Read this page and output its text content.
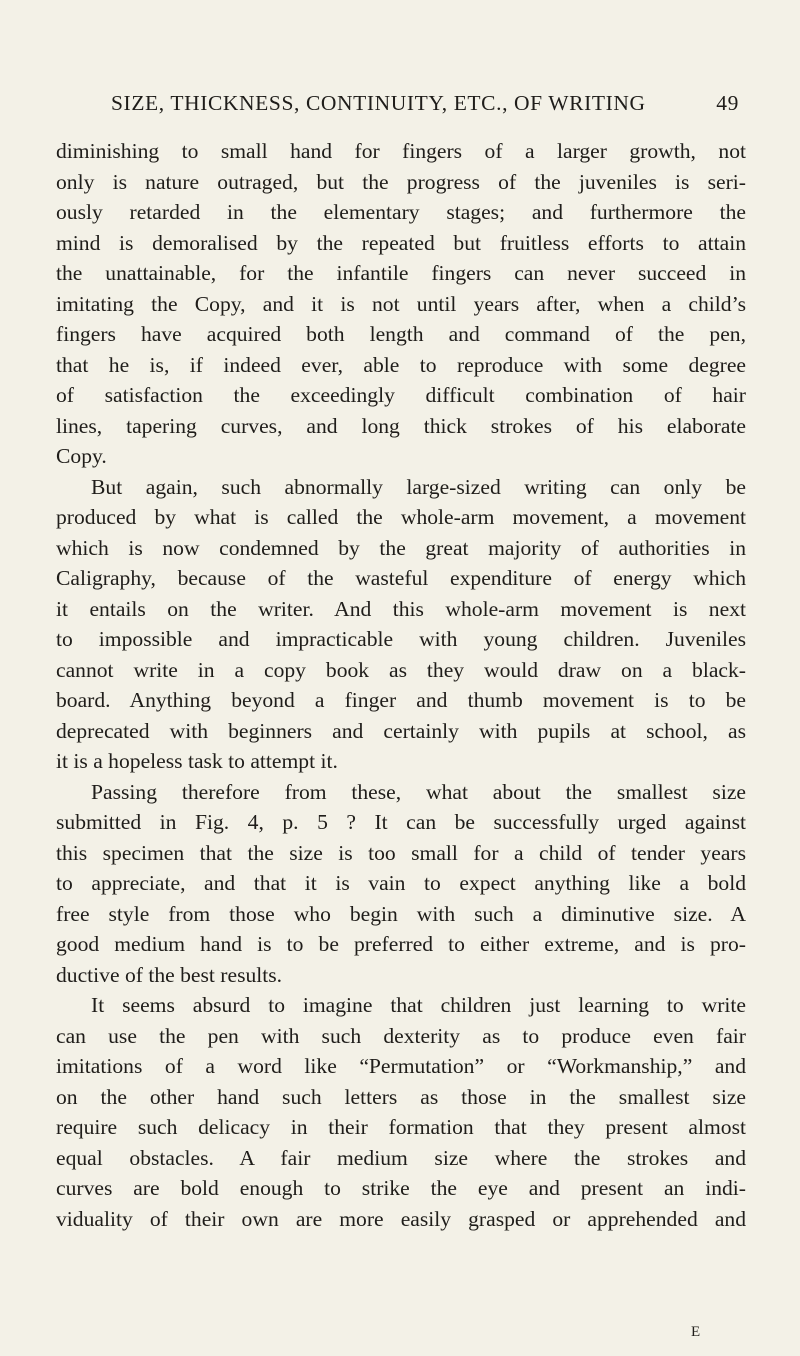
SIZE, THICKNESS, CONTINUITY, ETC., OF WRITING	49
diminishing to small hand for fingers of a larger growth, not
only is nature outraged, but the progress of the juveniles is seri-
ously retarded in the elementary stages; and furthermore the
mind is demoralised by the repeated but fruitless efforts to attain
the unattainable, for the infantile fingers can never succeed in
imitating the Copy, and it is not until years after, when a child’s
fingers have acquired both length and command of the pen,
that he is, if indeed ever, able to reproduce with some degree
of satisfaction the exceedingly difficult combination of hair
lines, tapering curves, and long thick strokes of his elaborate
Copy.
But again, such abnormally large-sized writing can only be
produced by what is called the whole-arm movement, a movement
which is now condemned by the great majority of authorities in
Caligraphy, because of the wasteful expenditure of energy which
it entails on the writer. And this whole-arm movement is next
to impossible and impracticable with young children. Juveniles
cannot write in a copy book as they would draw on a black-
board. Anything beyond a finger and thumb movement is to be
deprecated with beginners and certainly with pupils at school, as
it is a hopeless task to attempt it.
Passing therefore from these, what about the smallest size
submitted in Fig. 4, p. 5 ? It can be successfully urged against
this specimen that the size is too small for a child of tender years
to appreciate, and that it is vain to expect anything like a bold
free style from those who begin with such a diminutive size. A
good medium hand is to be preferred to either extreme, and is pro-
ductive of the best results.
It seems absurd to imagine that children just learning to write
can use the pen with such dexterity as to produce even fair
imitations of a word like “Permutation” or “Workmanship,” and
on the other hand such letters as those in the smallest size
require such delicacy in their formation that they present almost
equal obstacles. A fair medium size where the strokes and
curves are bold enough to strike the eye and present an indi-
viduality of their own are more easily grasped or apprehended and
E
